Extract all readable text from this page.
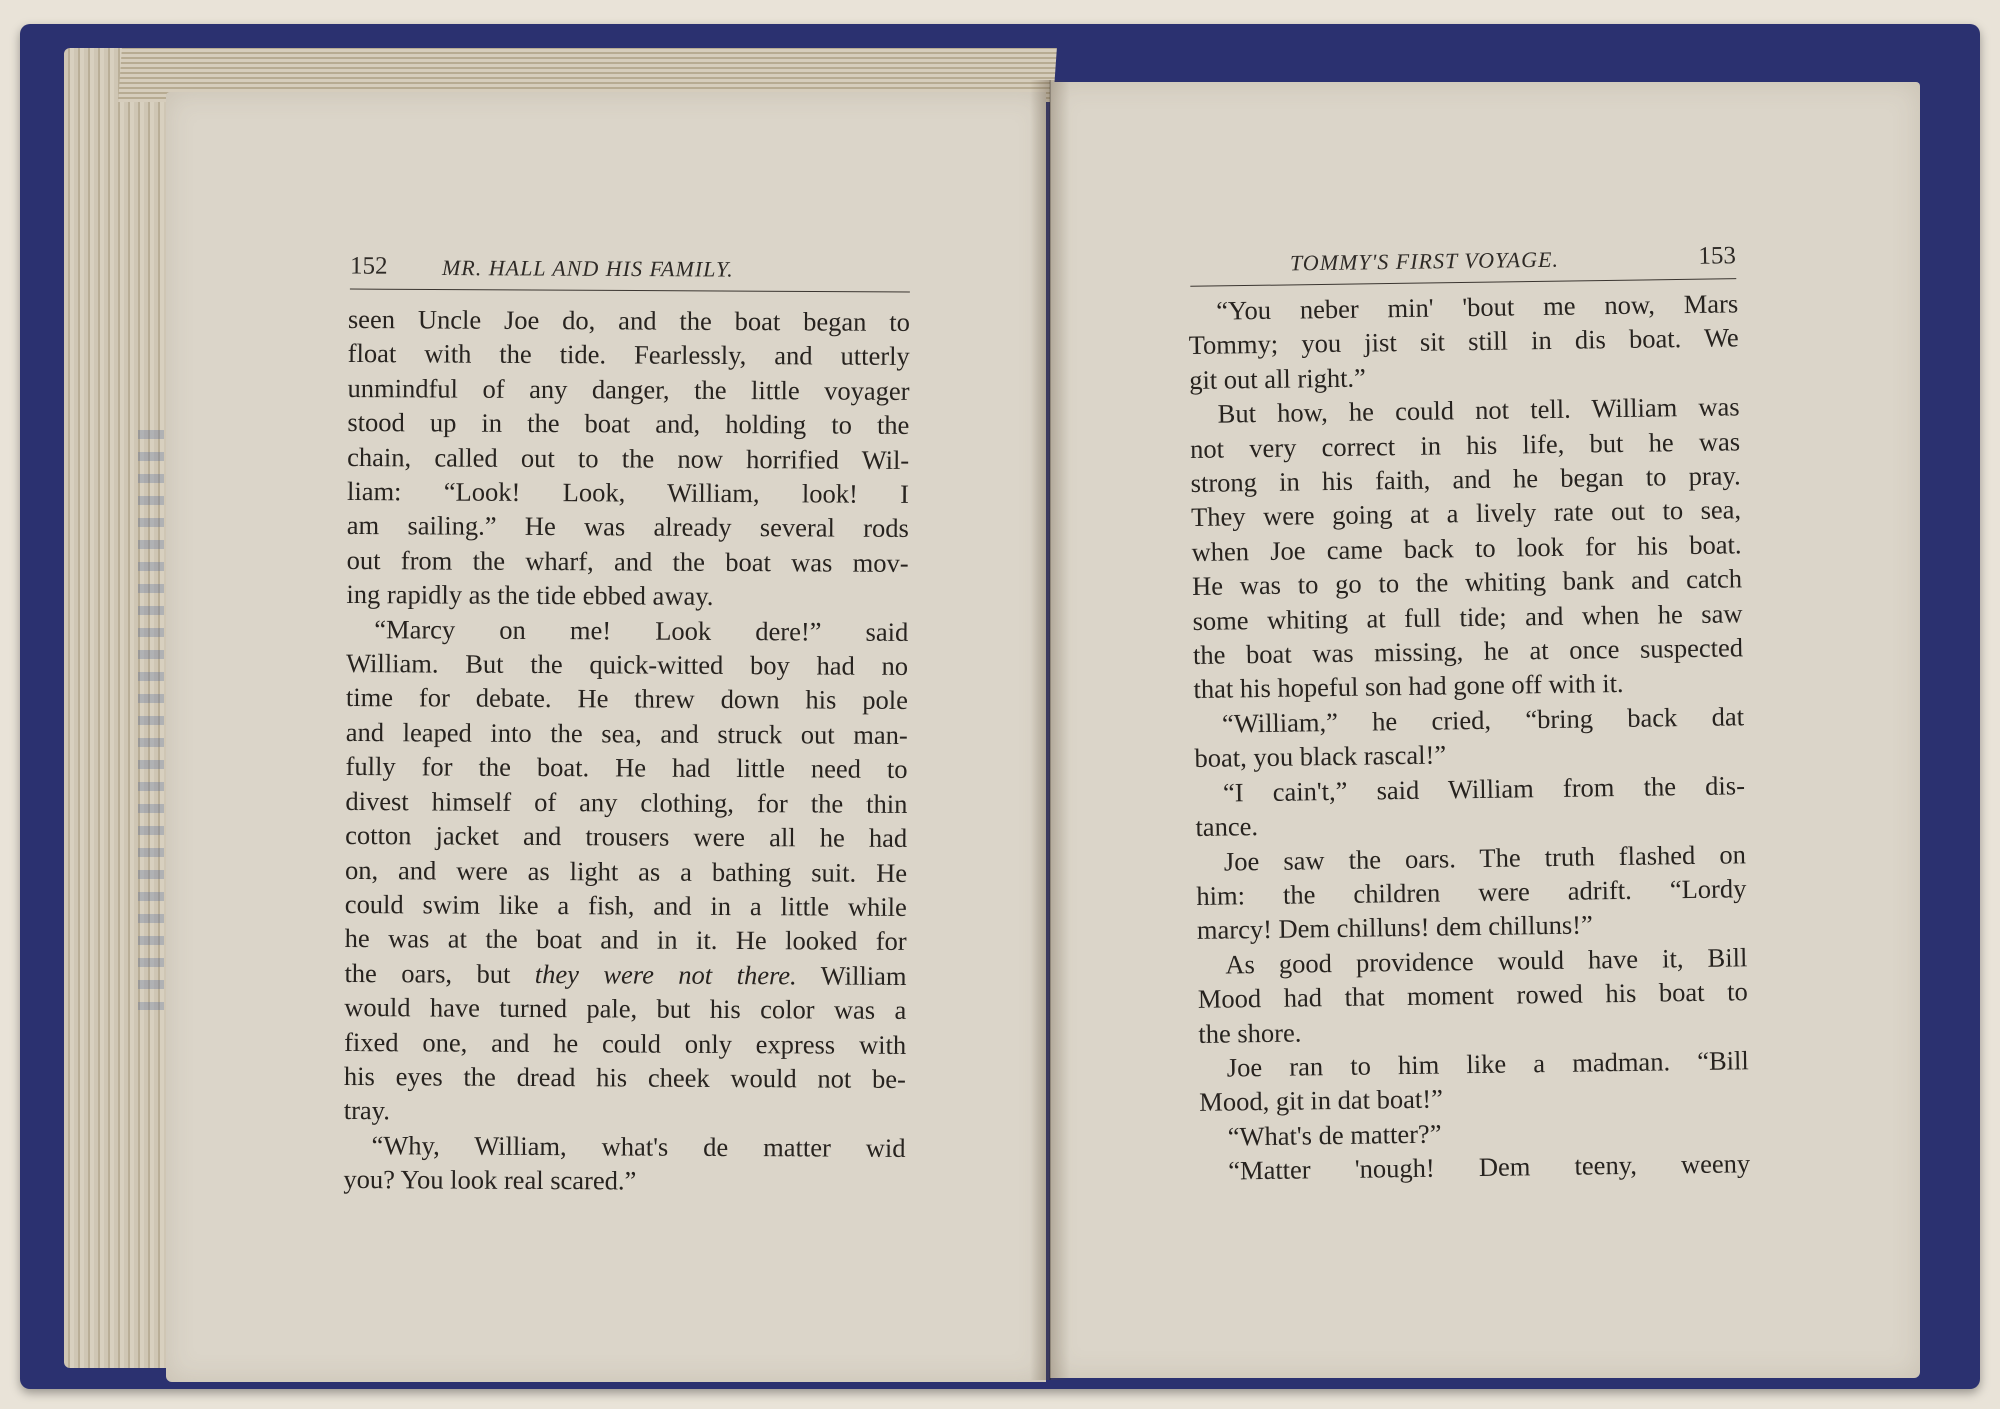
152 MR. HALL AND HIS FAMILY.	TOMMY'S FIRST VOYAGE.	153
seen Uncle Joe do, and the boat began to
float with the tide. Fearlessly, and utterly
unmindful of any danger, the little voyager
stood up in the boat and, holding to the
chain, called out to the now horrified Wil-
liam: “Look! Look, William, look! I
am sailing.” He was already several rods
out from the wharf, and the boat was mov-
ing rapidly as the tide ebbed away.
“Marcy on me! Look dere!” said
William. But the quick-witted boy had no
time for debate. He threw down his pole
and leaped into the sea, and struck out man-
fully for the boat. He had little need to
divest himself of any clothing, for the thin
cotton jacket and trousers were all he had
on, and were as light as a bathing suit. He
could swim like a fish, and in a little while
he was at the boat and in it. He looked for
the oars, but they were not there. William
would have turned pale, but his color was a
fixed one, and he could only express with
his eyes the dread his cheek would not be-
tray.
“Why, William, what's de matter wid
you? You look real scared.”
“You neber min' 'bout me now, Mars
Tommy; you jist sit still in dis boat. We
git out all right.”
But how, he could not tell. William was
not very correct in his life, but he was
strong in his faith, and he began to pray.
They were going at a lively rate out to sea,
when Joe came back to look for his boat.
He was to go to the whiting bank and catch
some whiting at full tide; and when he saw
the boat was missing, he at once suspected
that his hopeful son had gone off with it.
“William,” he cried, “bring back dat
boat, you black rascal!”
“I cain't,” said William from the dis-
tance.
Joe saw the oars. The truth flashed on
him: the children were adrift. “Lordy
marcy! Dem chilluns! dem chilluns!”
As good providence would have it, Bill
Mood had that moment rowed his boat to
the shore.
Joe ran to him like a madman. “Bill
Mood, git in dat boat!”
“What's de matter?”
“Matter 'nough! Dem teeny, weeny
